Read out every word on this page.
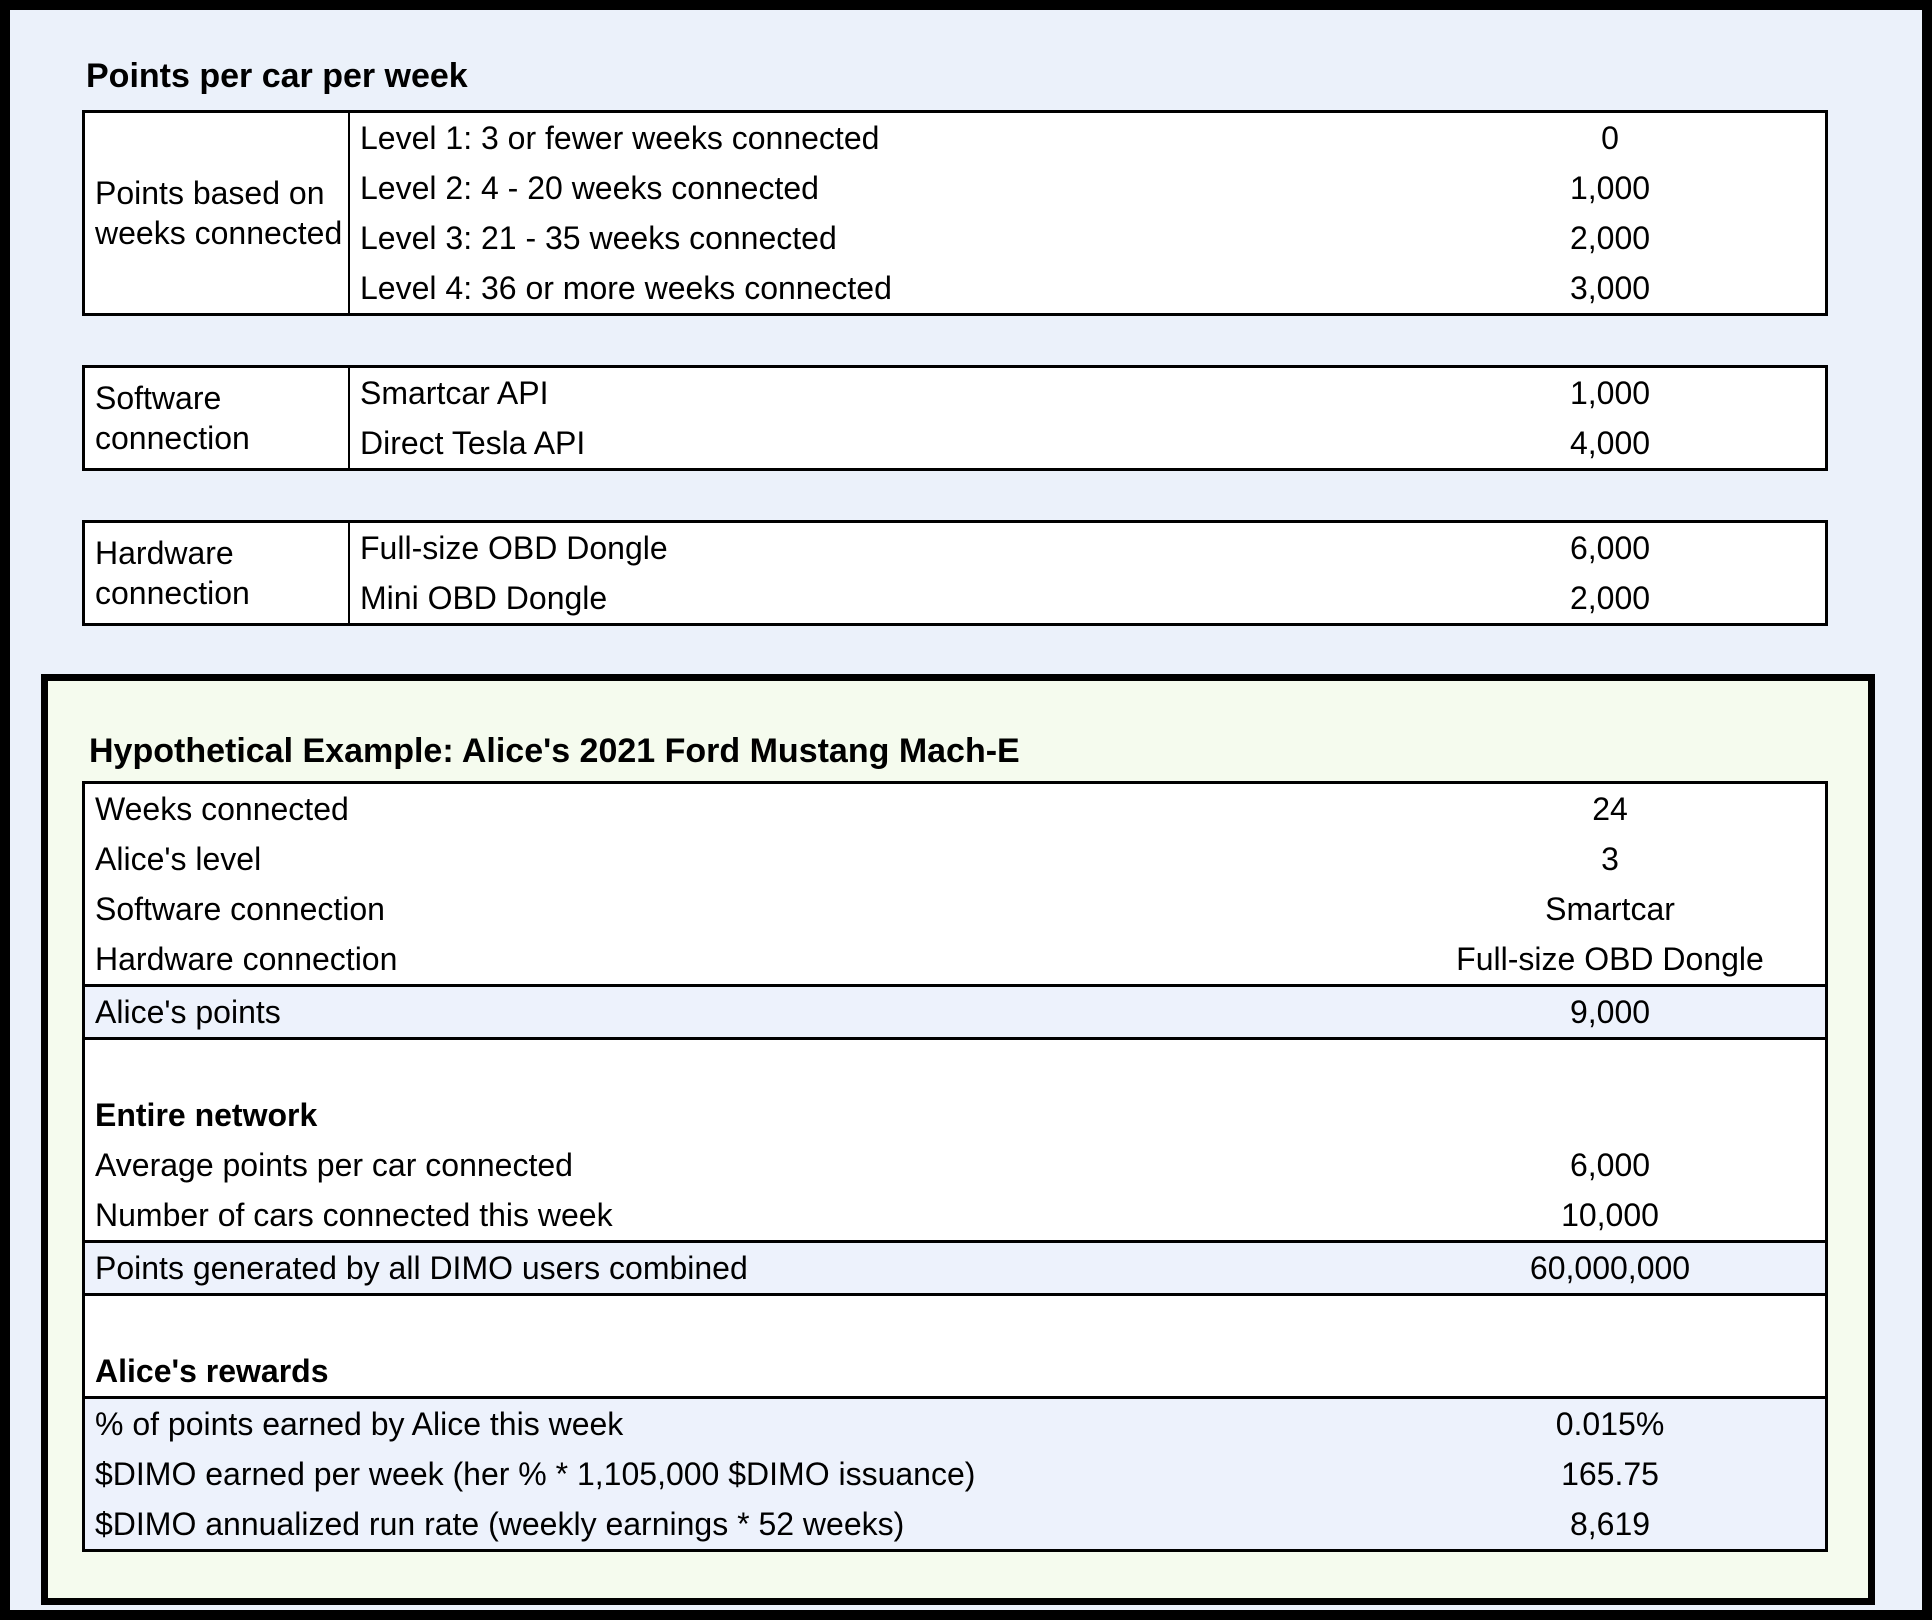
Points per car per week
Points based on weeks connected
Level 1: 3 or fewer weeks connected	0
Level 2: 4 - 20 weeks connected	1,000
Level 3: 21 - 35 weeks connected	2,000
Level 4: 36 or more weeks connected	3,000
Software connection
Smartcar API	1,000
Direct Tesla API	4,000
Hardware connection
Full-size OBD Dongle	6,000
Mini OBD Dongle	2,000
Hypothetical Example: Alice's 2021 Ford Mustang Mach-E
Weeks connected	24
Alice's level	3
Software connection	Smartcar
Hardware connection	Full-size OBD Dongle
Alice's points	9,000
Entire network
Average points per car connected	6,000
Number of cars connected this week	10,000
Points generated by all DIMO users combined	60,000,000
Alice's rewards
% of points earned by Alice this week	0.015%
$DIMO earned per week (her % * 1,105,000 $DIMO issuance)	165.75
$DIMO annualized run rate (weekly earnings * 52 weeks)	8,619
